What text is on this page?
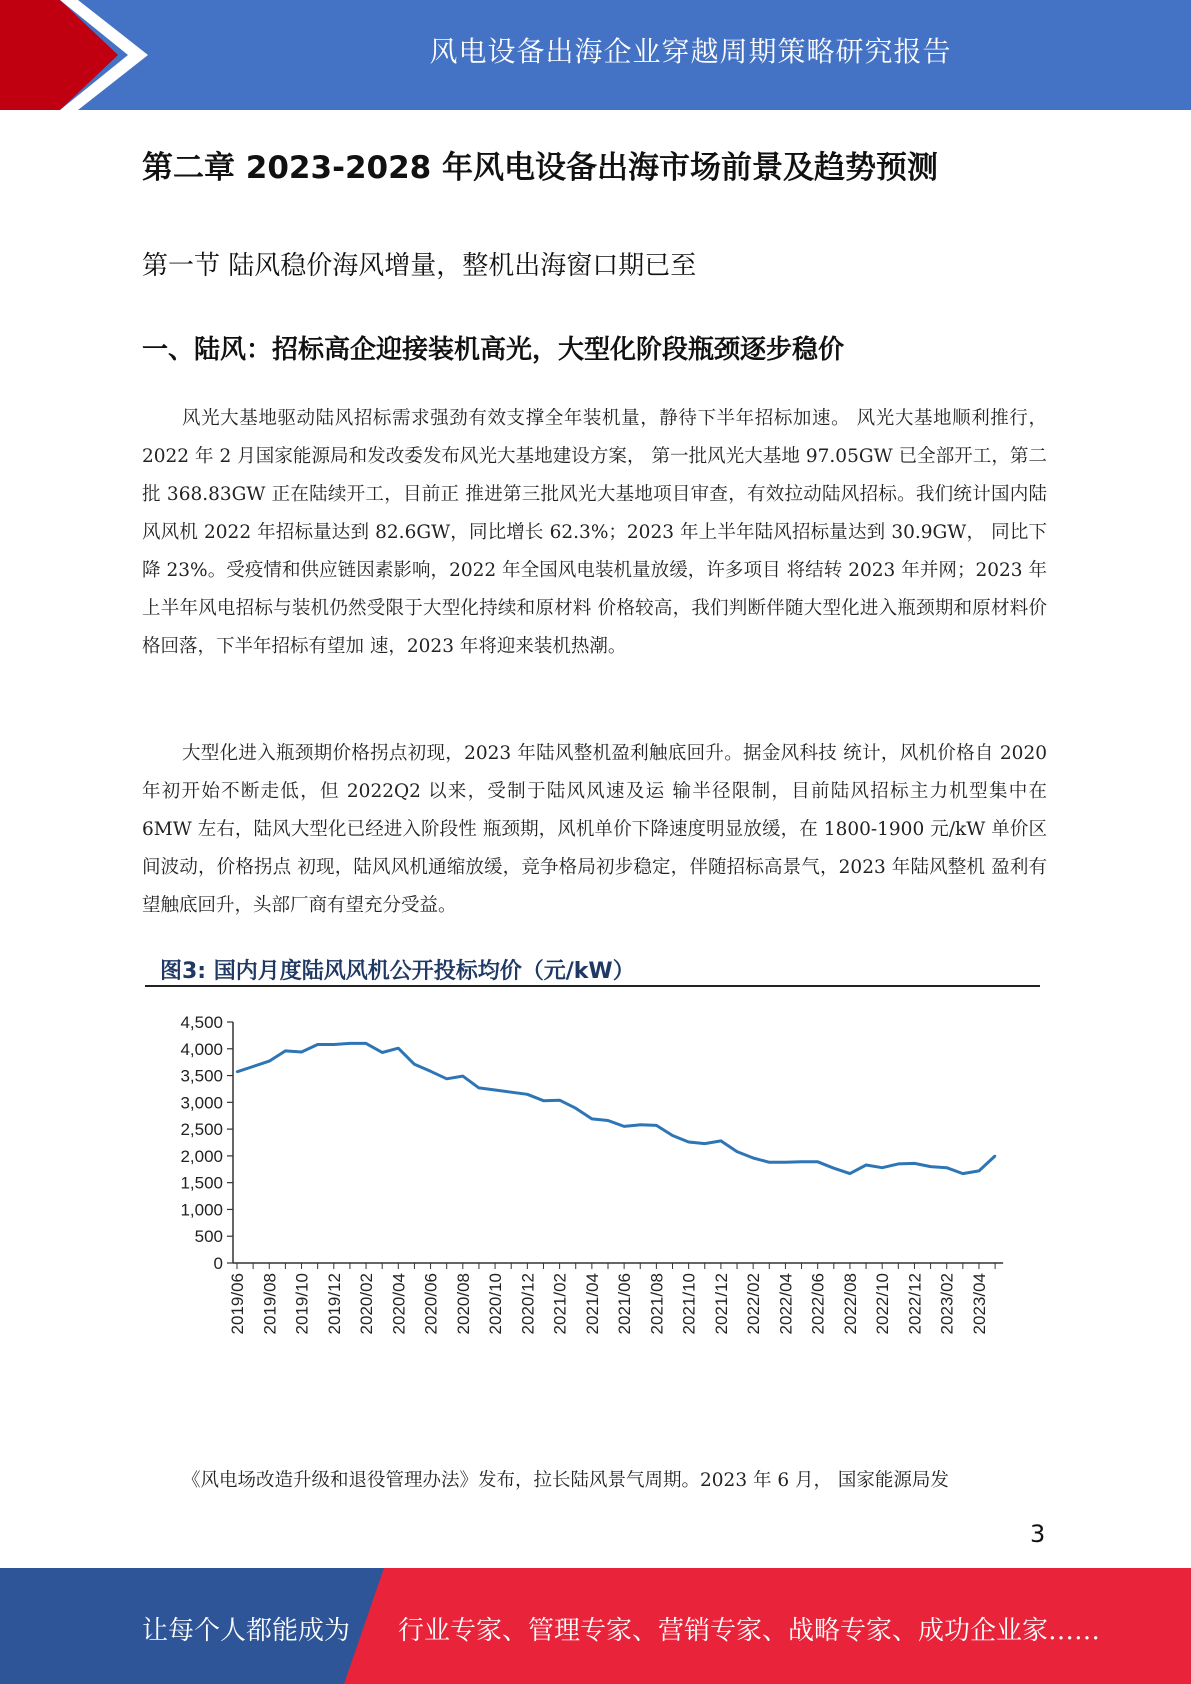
风电设备出海企业穿越周期策略研究报告
第二章 2023-2028 年风电设备出海市场前景及趋势预测
第一节 陆风稳价海风增量，整机出海窗口期已至
一、陆风：招标高企迎接装机高光，大型化阶段瓶颈逐步稳价

风光大基地驱动陆风招标需求强劲有效支撑全年装机量，静待下半年招标加速。 风光大基地顺利推行，2022 年 2 月国家能源局和发改委发布风光大基地建设方案， 第一批风光大基地 97.05GW 已全部开工，第二批 368.83GW 正在陆续开工，目前正 推进第三批风光大基地项目审查，有效拉动陆风招标。我们统计国内陆风风机 2022 年招标量达到 82.6GW，同比增长 62.3%；2023 年上半年陆风招标量达到 30.9GW， 同比下降 23%。受疫情和供应链因素影响，2022 年全国风电装机量放缓，许多项目 将结转 2023 年并网；2023 年上半年风电招标与装机仍然受限于大型化持续和原材料 价格较高，我们判断伴随大型化进入瓶颈期和原材料价格回落，下半年招标有望加 速，2023 年将迎来装机热潮。

大型化进入瓶颈期价格拐点初现，2023 年陆风整机盈利触底回升。据金风科技 统计，风机价格自 2020 年初开始不断走低，但 2022Q2 以来，受制于陆风风速及运 输半径限制，目前陆风招标主力机型集中在 6MW 左右，陆风大型化已经进入阶段性 瓶颈期，风机单价下降速度明显放缓，在 1800-1900 元/kW 单价区间波动，价格拐点 初现，陆风风机通缩放缓，竞争格局初步稳定，伴随招标高景气，2023 年陆风整机 盈利有望触底回升，头部厂商有望充分受益。

图3: 国内月度陆风风机公开投标均价（元/kW）
0
500
1,000
1,500
2,000
2,500
3,000
3,500
4,000
4,500
2019/06 2019/08 2019/10 2019/12 2020/02 2020/04 2020/06 2020/08 2020/10 2020/12 2021/02 2021/04 2021/06 2021/08 2021/10 2021/12 2022/02 2022/04 2022/06 2022/08 2022/10 2022/12 2023/02 2023/04

《风电场改造升级和退役管理办法》发布，拉长陆风景气周期。2023 年 6 月， 国家能源局发

3
让每个人都能成为 行业专家、管理专家、营销专家、战略专家、成功企业家……
